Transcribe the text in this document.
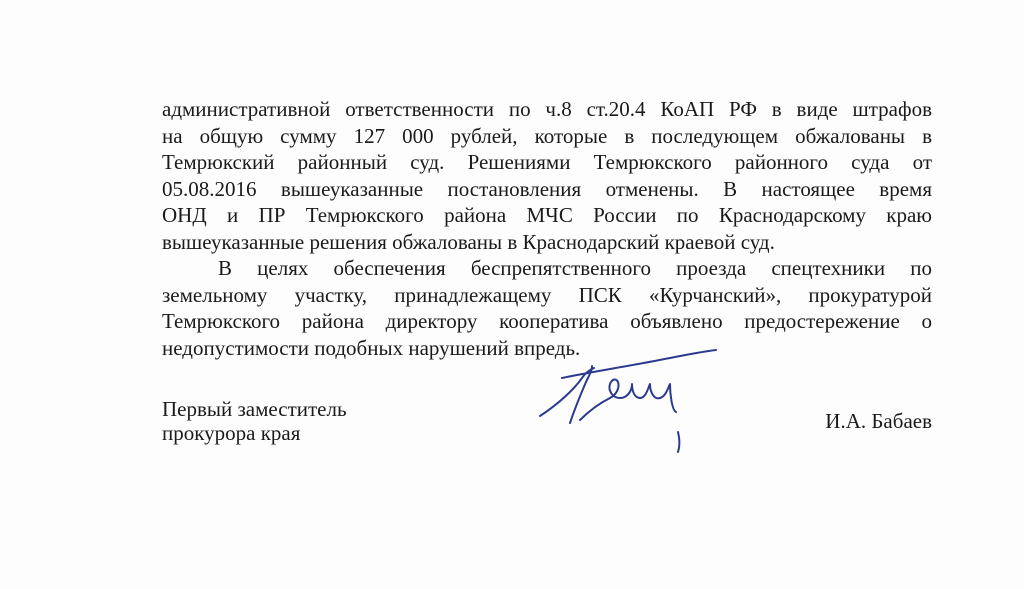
административной ответственности по ч.8 ст.20.4 КоАП РФ в виде штрафов
на общую сумму 127 000 рублей, которые в последующем обжалованы в
Темрюкский районный суд. Решениями Темрюкского районного суда от
05.08.2016 вышеуказанные постановления отменены. В настоящее время
ОНД и ПР Темрюкского района МЧС России по Краснодарскому краю
вышеуказанные решения обжалованы в Краснодарский краевой суд.
В целях обеспечения беспрепятственного проезда спецтехники по
земельному участку, принадлежащему ПСК «Курчанский», прокуратурой
Темрюкского района директору кооператива объявлено предостережение о
недопустимости подобных нарушений впредь.
Первый заместитель
прокурора края	И.А. Бабаев
